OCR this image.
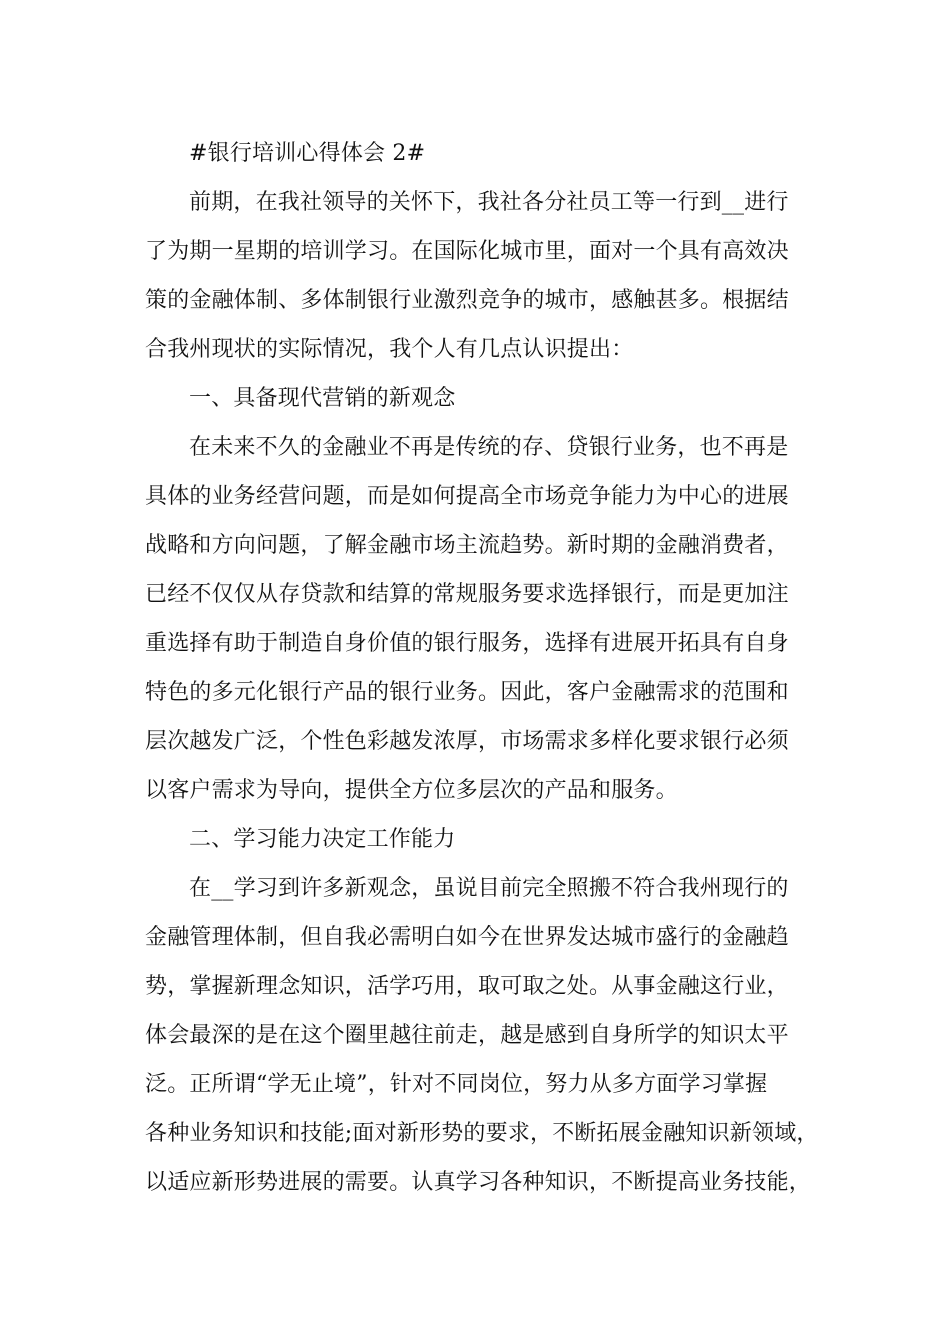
#银行培训心得体会 2#
前期，在我社领导的关怀下，我社各分社员工等一行到__进行
了为期一星期的培训学习。在国际化城市里，面对一个具有高效决
策的金融体制、多体制银行业激烈竞争的城市，感触甚多。根据结
合我州现状的实际情况，我个人有几点认识提出：
一、具备现代营销的新观念
在未来不久的金融业不再是传统的存、贷银行业务，也不再是
具体的业务经营问题，而是如何提高全市场竞争能力为中心的进展
战略和方向问题，了解金融市场主流趋势。新时期的金融消费者，
已经不仅仅从存贷款和结算的常规服务要求选择银行，而是更加注
重选择有助于制造自身价值的银行服务，选择有进展开拓具有自身
特色的多元化银行产品的银行业务。因此，客户金融需求的范围和
层次越发广泛，个性色彩越发浓厚，市场需求多样化要求银行必须
以客户需求为导向，提供全方位多层次的产品和服务。
二、学习能力决定工作能力
在__学习到许多新观念，虽说目前完全照搬不符合我州现行的
金融管理体制，但自我必需明白如今在世界发达城市盛行的金融趋
势，掌握新理念知识，活学巧用，取可取之处。从事金融这行业，
体会最深的是在这个圈里越往前走，越是感到自身所学的知识太平
泛。正所谓“学无止境”，针对不同岗位，努力从多方面学习掌握
各种业务知识和技能;面对新形势的要求，不断拓展金融知识新领域，
以适应新形势进展的需要。认真学习各种知识，不断提高业务技能，
